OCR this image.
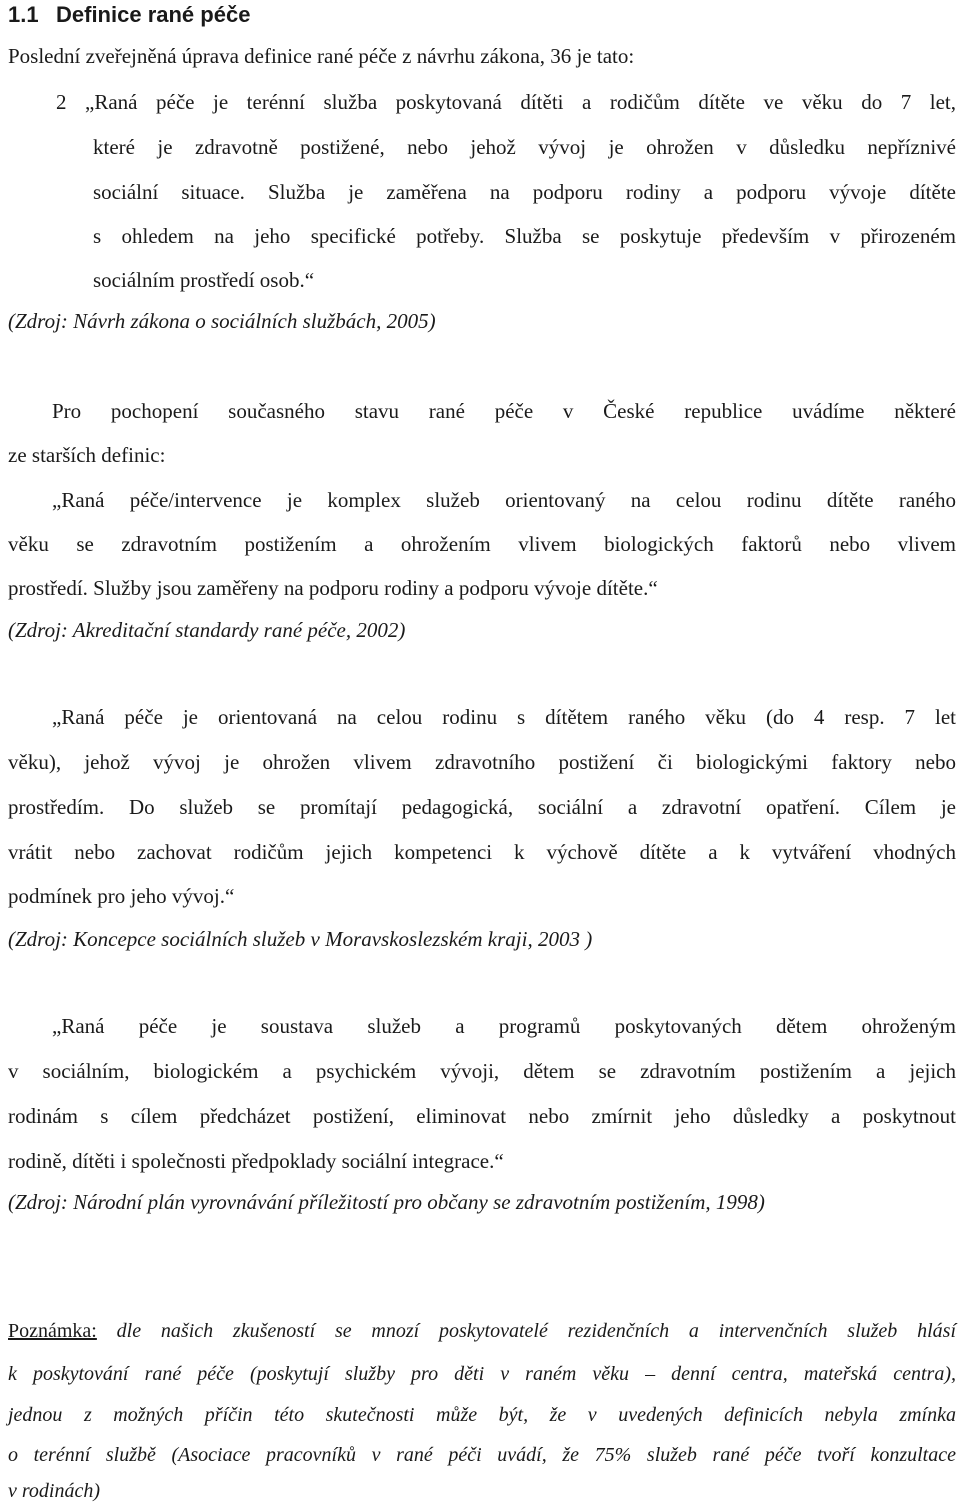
1.1 Definice rané péče
Poslední zveřejněná úprava definice rané péče z návrhu zákona, 36 je tato:
2 „Raná péče je terénní služba poskytovaná dítěti a rodičům dítěte ve věku do 7 let,
které je zdravotně postižené, nebo jehož vývoj je ohrožen v důsledku nepříznivé
sociální situace. Služba je zaměřena na podporu rodiny a podporu vývoje dítěte
s ohledem na jeho specifické potřeby. Služba se poskytuje především v přirozeném
sociálním prostředí osob.“
(Zdroj: Návrh zákona o sociálních službách, 2005)
Pro pochopení současného stavu rané péče v České republice uvádíme některé
ze starších definic:
„Raná péče/intervence je komplex služeb orientovaný na celou rodinu dítěte raného
věku se zdravotním postižením a ohrožením vlivem biologických faktorů nebo vlivem
prostředí. Služby jsou zaměřeny na podporu rodiny a podporu vývoje dítěte.“
(Zdroj: Akreditační standardy rané péče, 2002)
„Raná péče je orientovaná na celou rodinu s dítětem raného věku (do 4 resp. 7 let
věku), jehož vývoj je ohrožen vlivem zdravotního postižení či biologickými faktory nebo
prostředím. Do služeb se promítají pedagogická, sociální a zdravotní opatření. Cílem je
vrátit nebo zachovat rodičům jejich kompetenci k výchově dítěte a k vytváření vhodných
podmínek pro jeho vývoj.“
(Zdroj: Koncepce sociálních služeb v Moravskoslezském kraji, 2003 )
„Raná péče je soustava služeb a programů poskytovaných dětem ohroženým
v sociálním, biologickém a psychickém vývoji, dětem se zdravotním postižením a jejich
rodinám s cílem předcházet postižení, eliminovat nebo zmírnit jeho důsledky a poskytnout
rodině, dítěti i společnosti předpoklady sociální integrace.“
(Zdroj: Národní plán vyrovnávání příležitostí pro občany se zdravotním postižením, 1998)
Poznámka: dle našich zkušeností se mnozí poskytovatelé rezidenčních a intervenčních služeb hlásí
k poskytování rané péče (poskytují služby pro děti v raném věku – denní centra, mateřská centra),
jednou z možných příčin této skutečnosti může být, že v uvedených definicích nebyla zmínka
o terénní službě (Asociace pracovníků v rané péči uvádí, že 75% služeb rané péče tvoří konzultace
v rodinách)
